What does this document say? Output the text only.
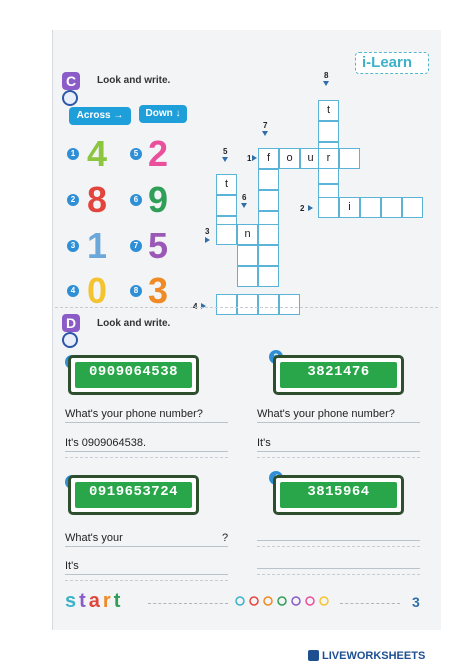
i-Learn
C	Look and write.
Across →	Down ↓
1 4
2 8
3 1
4 0
5 2
6 9
7 5
8 3
5
6
7
8
1
2
3
4
t
f	o	u	r
t
i
n
D	Look and write.
0909064538
What's your phone number?
It's 0909064538.
3821476
What's your phone number?
It's
0919653724
What's your	?
It's
3815964
start	3
LIVEWORKSHEETS
